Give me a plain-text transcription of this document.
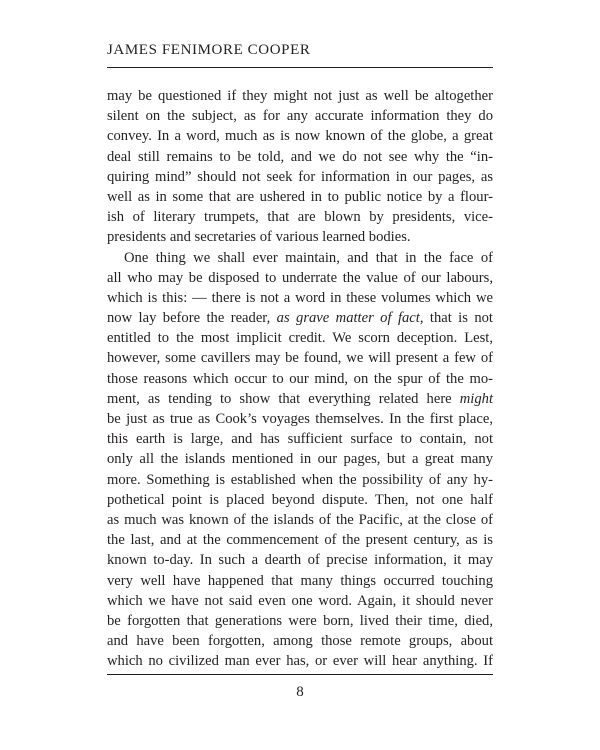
JAMES FENIMORE COOPER
may be questioned if they might not just as well be altogether
silent on the subject, as for any accurate information they do
convey. In a word, much as is now known of the globe, a great
deal still remains to be told, and we do not see why the “in-
quiring mind” should not seek for information in our pages, as
well as in some that are ushered in to public notice by a flour-
ish of literary trumpets, that are blown by presidents, vice-
presidents and secretaries of various learned bodies.
One thing we shall ever maintain, and that in the face of
all who may be disposed to underrate the value of our labours,
which is this: — there is not a word in these volumes which we
now lay before the reader, as grave matter of fact, that is not
entitled to the most implicit credit. We scorn deception. Lest,
however, some cavillers may be found, we will present a few of
those reasons which occur to our mind, on the spur of the mo-
ment, as tending to show that everything related here might
be just as true as Cook’s voyages themselves. In the first place,
this earth is large, and has sufficient surface to contain, not
only all the islands mentioned in our pages, but a great many
more. Something is established when the possibility of any hy-
pothetical point is placed beyond dispute. Then, not one half
as much was known of the islands of the Pacific, at the close of
the last, and at the commencement of the present century, as is
known to-day. In such a dearth of precise information, it may
very well have happened that many things occurred touching
which we have not said even one word. Again, it should never
be forgotten that generations were born, lived their time, died,
and have been forgotten, among those remote groups, about
which no civilized man ever has, or ever will hear anything. If
8
